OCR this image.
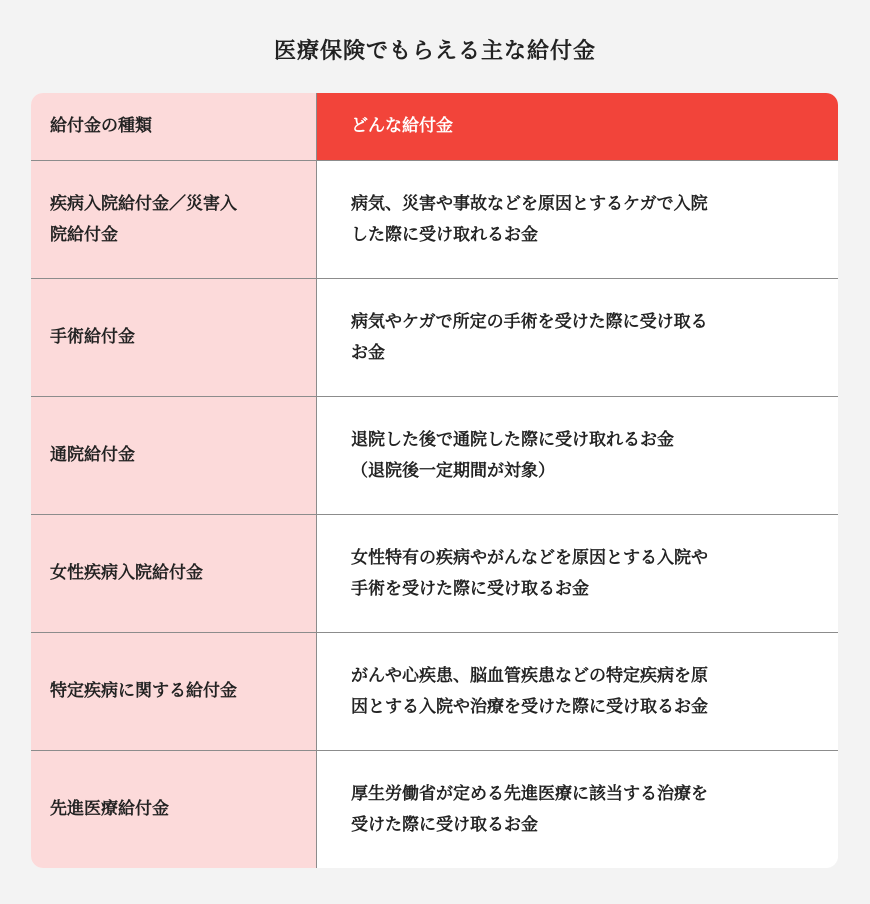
医療保険でもらえる主な給付金
給付金の種類	どんな給付金
疾病入院給付金／災害入
院給付金
病気、災害や事故などを原因とするケガで入院
した際に受け取れるお金
手術給付金
病気やケガで所定の手術を受けた際に受け取る
お金
通院給付金
退院した後で通院した際に受け取れるお金
（退院後一定期間が対象）
女性疾病入院給付金
女性特有の疾病やがんなどを原因とする入院や
手術を受けた際に受け取るお金
特定疾病に関する給付金
がんや心疾患、脳血管疾患などの特定疾病を原
因とする入院や治療を受けた際に受け取るお金
先進医療給付金
厚生労働省が定める先進医療に該当する治療を
受けた際に受け取るお金
